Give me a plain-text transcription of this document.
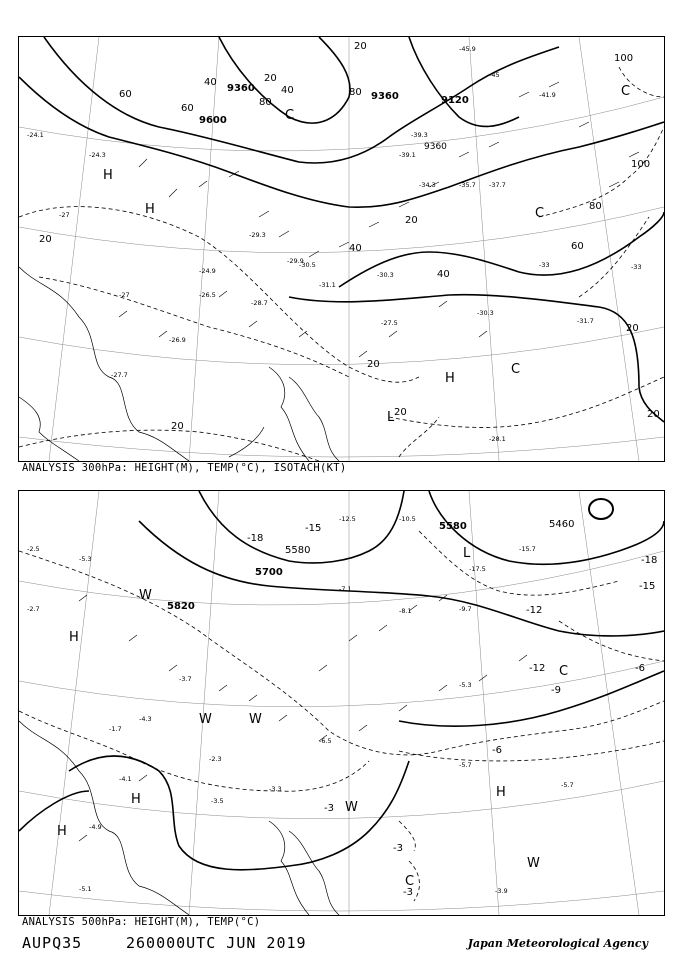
9360
9600
9360	9120
9360
20
40
60
80
20
40
60
80
100
40
20
20
40
60
80
100
20
20
20
20
20
H
H
H
L
C
C
C
C
-24.1
-24.3
-27
-27	-26.5
-28.7
-29.3
-31.1
-30.5
-30.3
-27.5
-30.3
-31.7
-33
-33
-35.7 -37.7
-34.3
-39.3
-45.9
-41.9
-45
-39.1
-29.9
-26.9
-24.9
-27.7
-28.1
ANALYSIS 300hPa: HEIGHT(M), TEMP(°C), ISOTACH(KT)
5580
5700
5820
5580
5460
-15
-18
-12
-9
-6
-3
-3
-3
-12
-15
-18
-6
H
H
H
H
W
W	W
W
W
C
L
C
-2.5
-2.7
-5.3
-4.3
-3.7
-7.1
-8.1
-10.5
-12.5
-15.7
-17.5
-5.7
-3.9
-4.1
-4.9
-5.1
-3.5
-1.7
-2.3
-3.3
-5.7
-6.5
-5.3
-9.7
ANALYSIS 500hPa: HEIGHT(M), TEMP(°C)
AUPQ35	260000UTC JUN 2019	Japan Meteorological Agency
